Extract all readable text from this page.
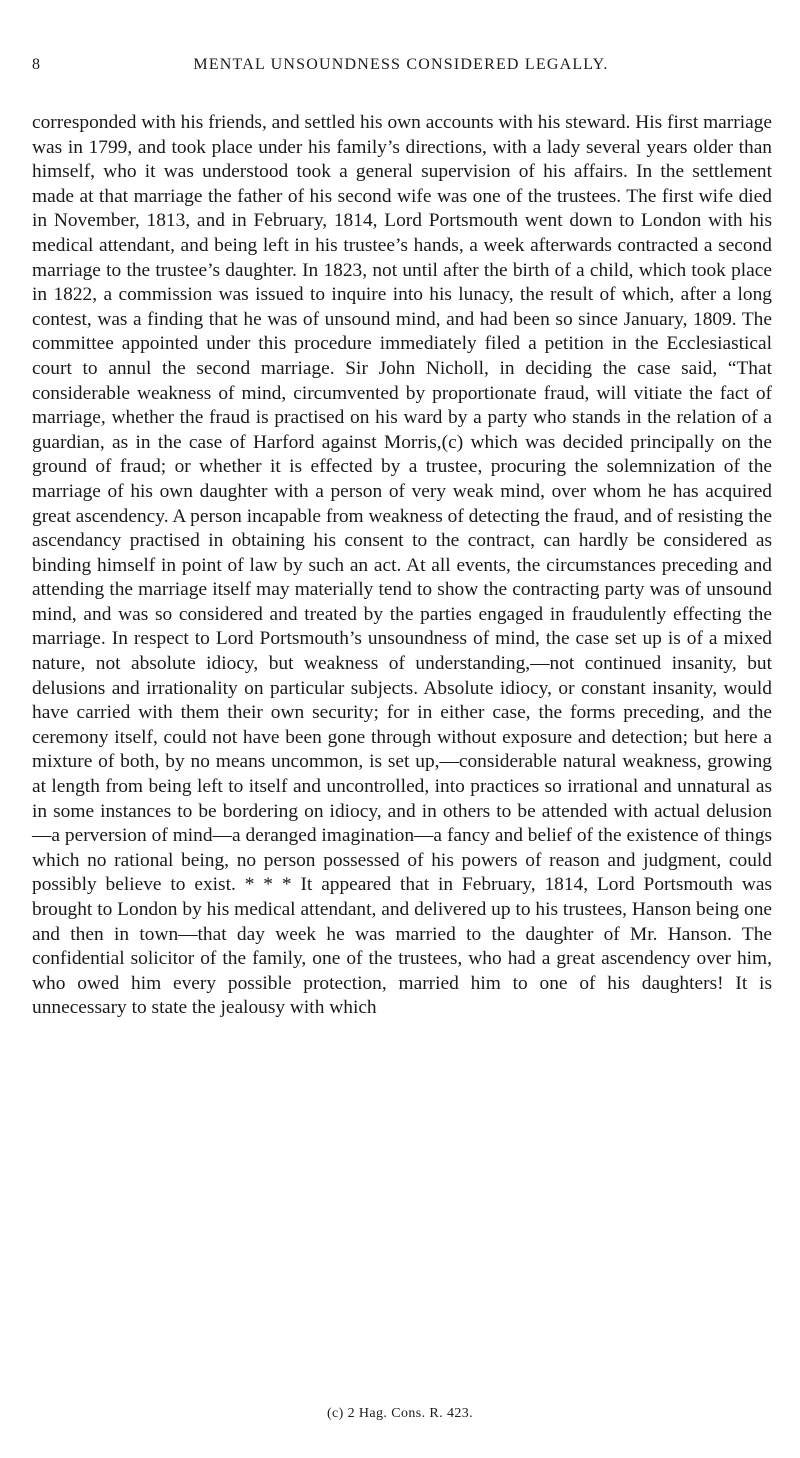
8	MENTAL UNSOUNDNESS CONSIDERED LEGALLY.

corresponded with his friends, and settled his own accounts with his steward. His first marriage was in 1799, and took place under his family’s directions, with a lady several years older than himself, who it was understood took a general supervision of his affairs. In the settlement made at that marriage the father of his second wife was one of the trustees. The first wife died in November, 1813, and in February, 1814, Lord Portsmouth went down to London with his medical attendant, and being left in his trustee’s hands, a week afterwards contracted a second marriage to the trustee’s daughter. In 1823, not until after the birth of a child, which took place in 1822, a commission was issued to inquire into his lunacy, the result of which, after a long contest, was a finding that he was of unsound mind, and had been so since January, 1809. The committee appointed under this procedure immediately filed a petition in the Ecclesiastical court to annul the second marriage. Sir John Nicholl, in deciding the case said, “That considerable weakness of mind, circumvented by proportionate fraud, will vitiate the fact of marriage, whether the fraud is practised on his ward by a party who stands in the relation of a guardian, as in the case of Harford against Morris,(c) which was decided principally on the ground of fraud; or whether it is effected by a trustee, procuring the solemnization of the marriage of his own daughter with a person of very weak mind, over whom he has acquired great ascendency. A person incapable from weakness of detecting the fraud, and of resisting the ascendancy practised in obtaining his consent to the contract, can hardly be considered as binding himself in point of law by such an act. At all events, the circumstances preceding and attending the marriage itself may materially tend to show the contracting party was of unsound mind, and was so considered and treated by the parties engaged in fraudulently effecting the marriage. In respect to Lord Portsmouth’s unsoundness of mind, the case set up is of a mixed nature, not absolute idiocy, but weakness of understanding,—not continued insanity, but delusions and irrationality on particular subjects. Absolute idiocy, or constant insanity, would have carried with them their own security; for in either case, the forms preceding, and the ceremony itself, could not have been gone through without exposure and detection; but here a mixture of both, by no means uncommon, is set up,—considerable natural weakness, growing at length from being left to itself and uncontrolled, into practices so irrational and unnatural as in some instances to be bordering on idiocy, and in others to be attended with actual delusion—a perversion of mind—a deranged imagination—a fancy and belief of the existence of things which no rational being, no person possessed of his powers of reason and judgment, could possibly believe to exist. * * * It appeared that in February, 1814, Lord Portsmouth was brought to London by his medical attendant, and delivered up to his trustees, Hanson being one and then in town—that day week he was married to the daughter of Mr. Hanson. The confidential solicitor of the family, one of the trustees, who had a great ascendency over him, who owed him every possible protection, married him to one of his daughters! It is unnecessary to state the jealousy with which

(c) 2 Hag. Cons. R. 423.
